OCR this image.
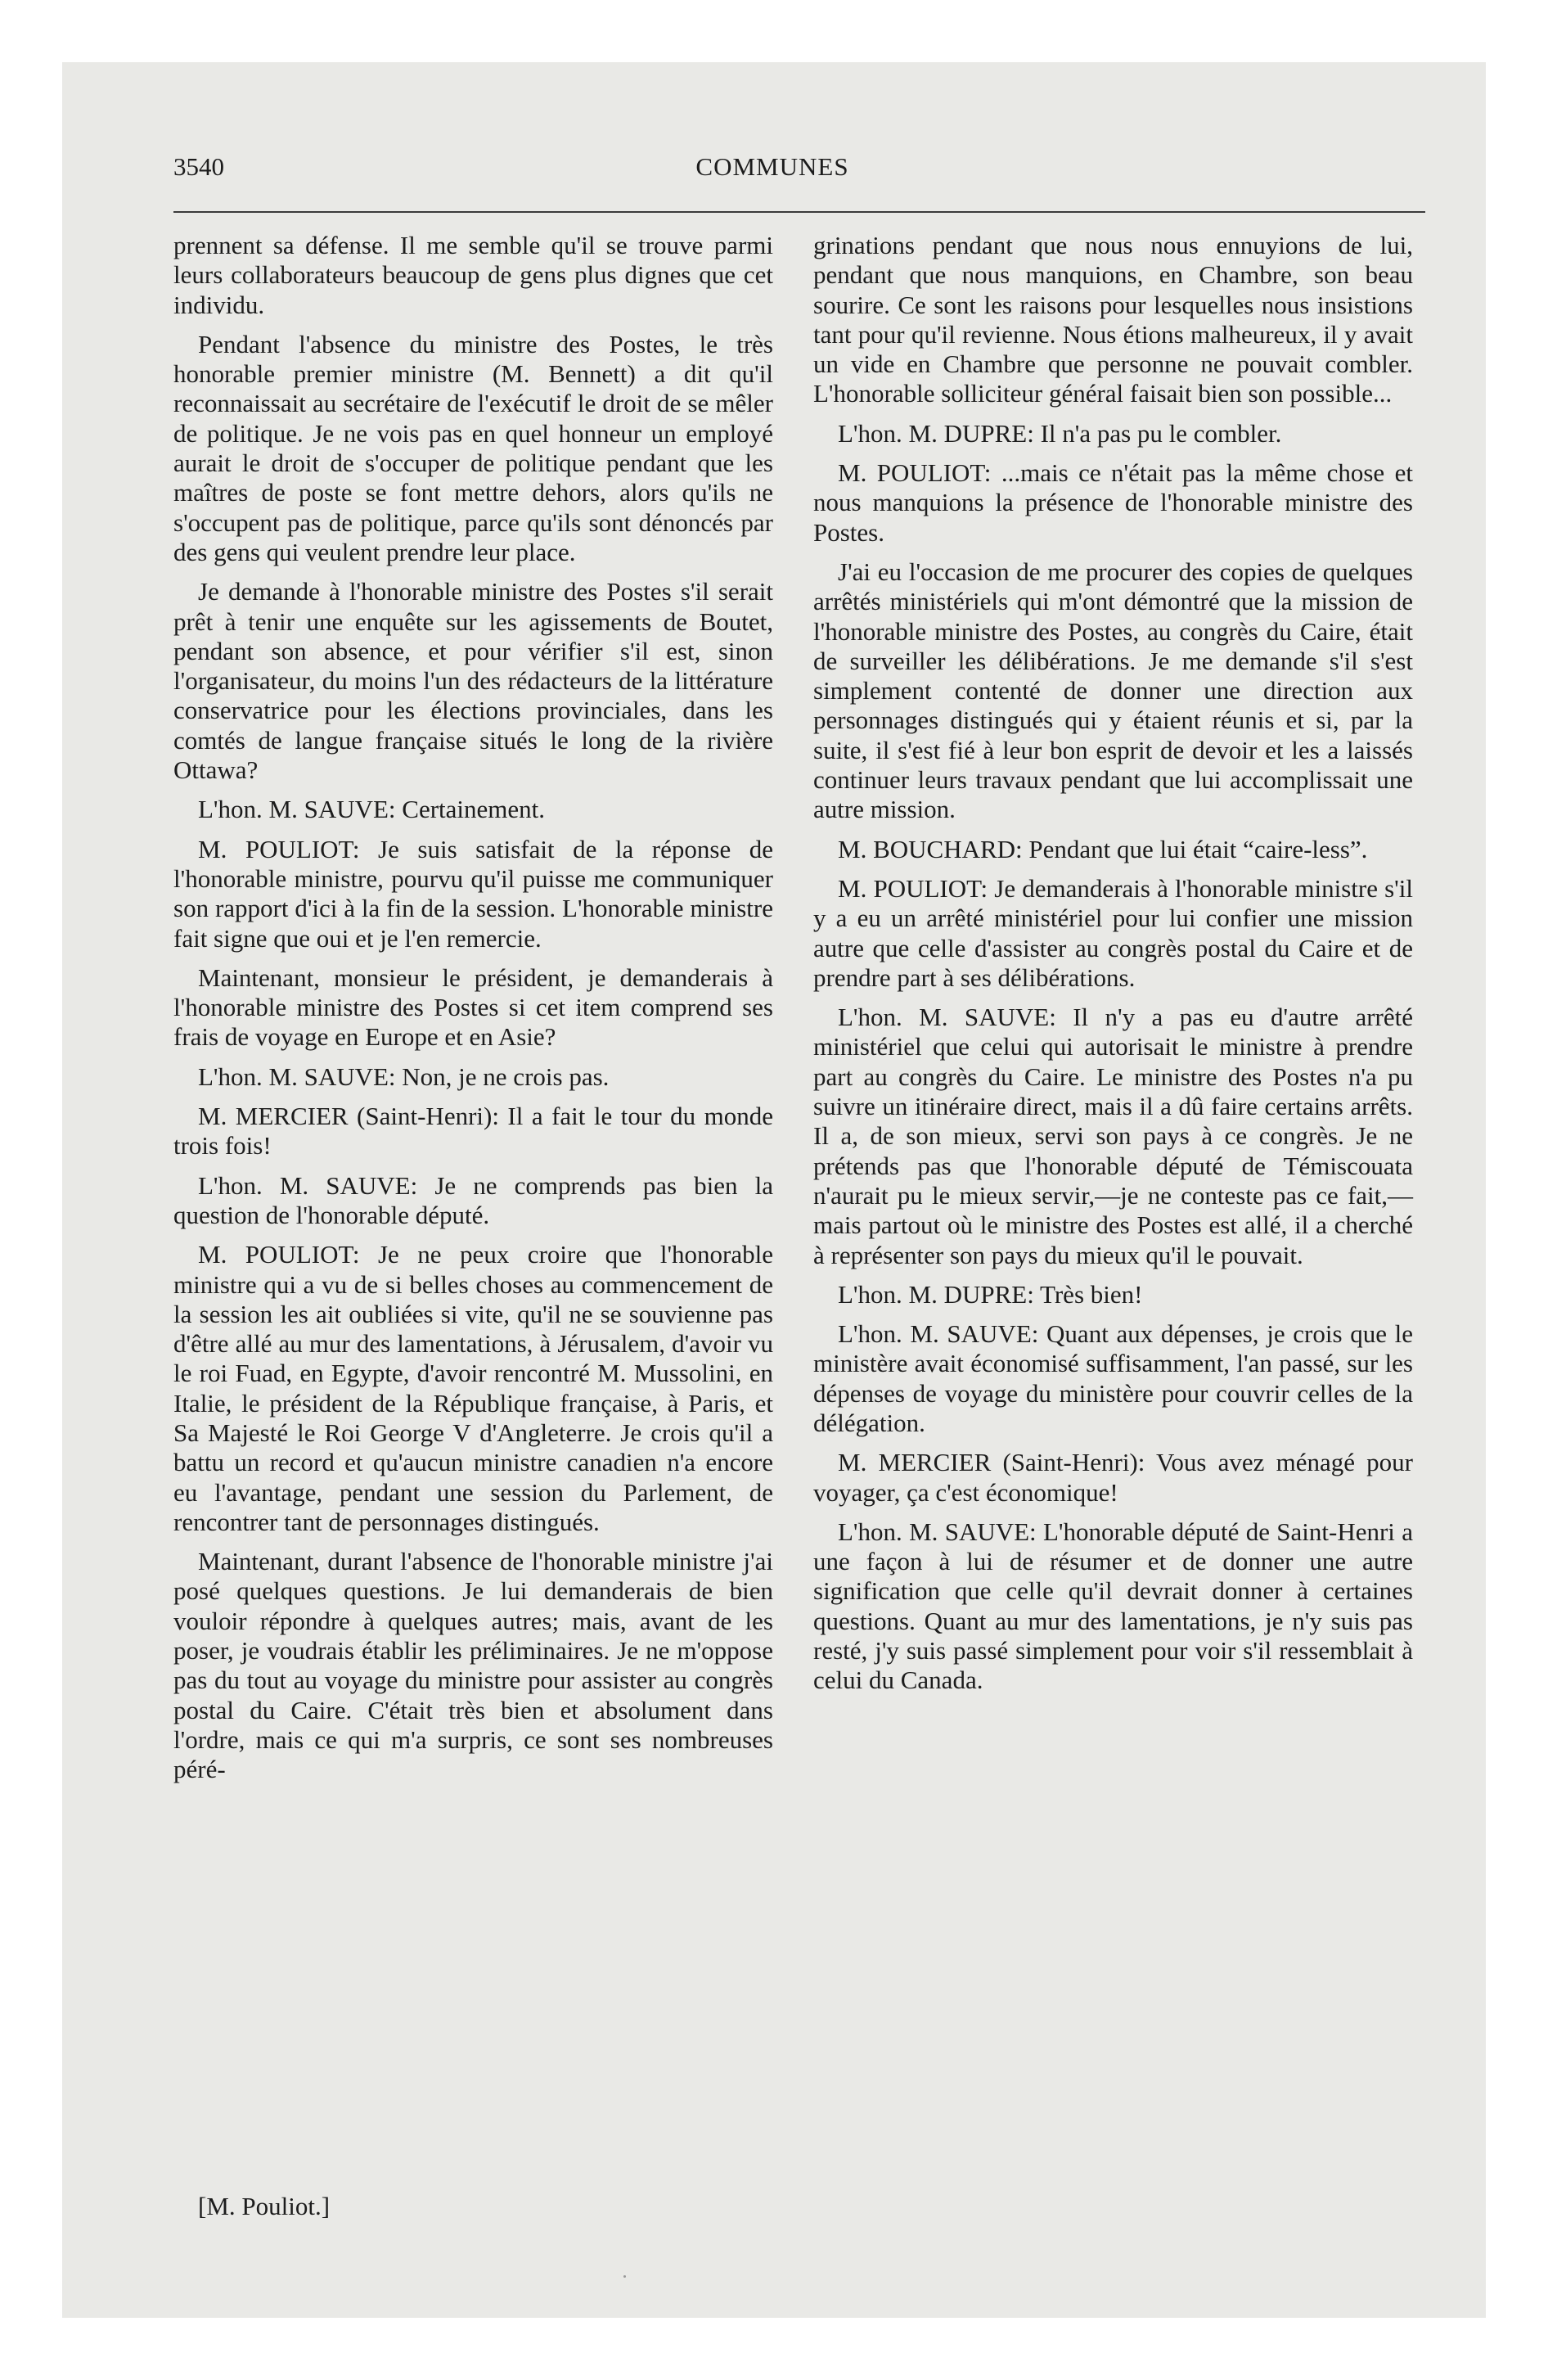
3540	COMMUNES

prennent sa défense. Il me semble qu'il se trouve parmi leurs collaborateurs beaucoup de gens plus dignes que cet individu.

Pendant l'absence du ministre des Postes, le très honorable premier ministre (M. Bennett) a dit qu'il reconnaissait au secrétaire de l'exécutif le droit de se mêler de politique. Je ne vois pas en quel honneur un employé aurait le droit de s'occuper de politique pendant que les maîtres de poste se font mettre dehors, alors qu'ils ne s'occupent pas de politique, parce qu'ils sont dénoncés par des gens qui veulent prendre leur place.

Je demande à l'honorable ministre des Postes s'il serait prêt à tenir une enquête sur les agissements de Boutet, pendant son absence, et pour vérifier s'il est, sinon l'organisateur, du moins l'un des rédacteurs de la littérature conservatrice pour les élections provinciales, dans les comtés de langue française situés le long de la rivière Ottawa?

L'hon. M. SAUVE: Certainement.

M. POULIOT: Je suis satisfait de la réponse de l'honorable ministre, pourvu qu'il puisse me communiquer son rapport d'ici à la fin de la session. L'honorable ministre fait signe que oui et je l'en remercie.

Maintenant, monsieur le président, je demanderais à l'honorable ministre des Postes si cet item comprend ses frais de voyage en Europe et en Asie?

L'hon. M. SAUVE: Non, je ne crois pas.

M. MERCIER (Saint-Henri): Il a fait le tour du monde trois fois!

L'hon. M. SAUVE: Je ne comprends pas bien la question de l'honorable député.

M. POULIOT: Je ne peux croire que l'honorable ministre qui a vu de si belles choses au commencement de la session les ait oubliées si vite, qu'il ne se souvienne pas d'être allé au mur des lamentations, à Jérusalem, d'avoir vu le roi Fuad, en Egypte, d'avoir rencontré M. Mussolini, en Italie, le président de la République française, à Paris, et Sa Majesté le Roi George V d'Angleterre. Je crois qu'il a battu un record et qu'aucun ministre canadien n'a encore eu l'avantage, pendant une session du Parlement, de rencontrer tant de personnages distingués.

Maintenant, durant l'absence de l'honorable ministre j'ai posé quelques questions. Je lui demanderais de bien vouloir répondre à quelques autres; mais, avant de les poser, je voudrais établir les préliminaires. Je ne m'oppose pas du tout au voyage du ministre pour assister au congrès postal du Caire. C'était très bien et absolument dans l'ordre, mais ce qui m'a surpris, ce sont ses nombreuses péré-

grinations pendant que nous nous ennuyions de lui, pendant que nous manquions, en Chambre, son beau sourire. Ce sont les raisons pour lesquelles nous insistions tant pour qu'il revienne. Nous étions malheureux, il y avait un vide en Chambre que personne ne pouvait combler. L'honorable solliciteur général faisait bien son possible...

L'hon. M. DUPRE: Il n'a pas pu le combler.

M. POULIOT: ...mais ce n'était pas la même chose et nous manquions la présence de l'honorable ministre des Postes.

J'ai eu l'occasion de me procurer des copies de quelques arrêtés ministériels qui m'ont démontré que la mission de l'honorable ministre des Postes, au congrès du Caire, était de surveiller les délibérations. Je me demande s'il s'est simplement contenté de donner une direction aux personnages distingués qui y étaient réunis et si, par la suite, il s'est fié à leur bon esprit de devoir et les a laissés continuer leurs travaux pendant que lui accomplissait une autre mission.

M. BOUCHARD: Pendant que lui était “caire-less”.

M. POULIOT: Je demanderais à l'honorable ministre s'il y a eu un arrêté ministériel pour lui confier une mission autre que celle d'assister au congrès postal du Caire et de prendre part à ses délibérations.

L'hon. M. SAUVE: Il n'y a pas eu d'autre arrêté ministériel que celui qui autorisait le ministre à prendre part au congrès du Caire. Le ministre des Postes n'a pu suivre un itinéraire direct, mais il a dû faire certains arrêts. Il a, de son mieux, servi son pays à ce congrès. Je ne prétends pas que l'honorable député de Témiscouata n'aurait pu le mieux servir,—je ne conteste pas ce fait,—mais partout où le ministre des Postes est allé, il a cherché à représenter son pays du mieux qu'il le pouvait.

L'hon. M. DUPRE: Très bien!

L'hon. M. SAUVE: Quant aux dépenses, je crois que le ministère avait économisé suffisamment, l'an passé, sur les dépenses de voyage du ministère pour couvrir celles de la délégation.

M. MERCIER (Saint-Henri): Vous avez ménagé pour voyager, ça c'est économique!

L'hon. M. SAUVE: L'honorable député de Saint-Henri a une façon à lui de résumer et de donner une autre signification que celle qu'il devrait donner à certaines questions. Quant au mur des lamentations, je n'y suis pas resté, j'y suis passé simplement pour voir s'il ressemblait à celui du Canada.

[M. Pouliot.]
